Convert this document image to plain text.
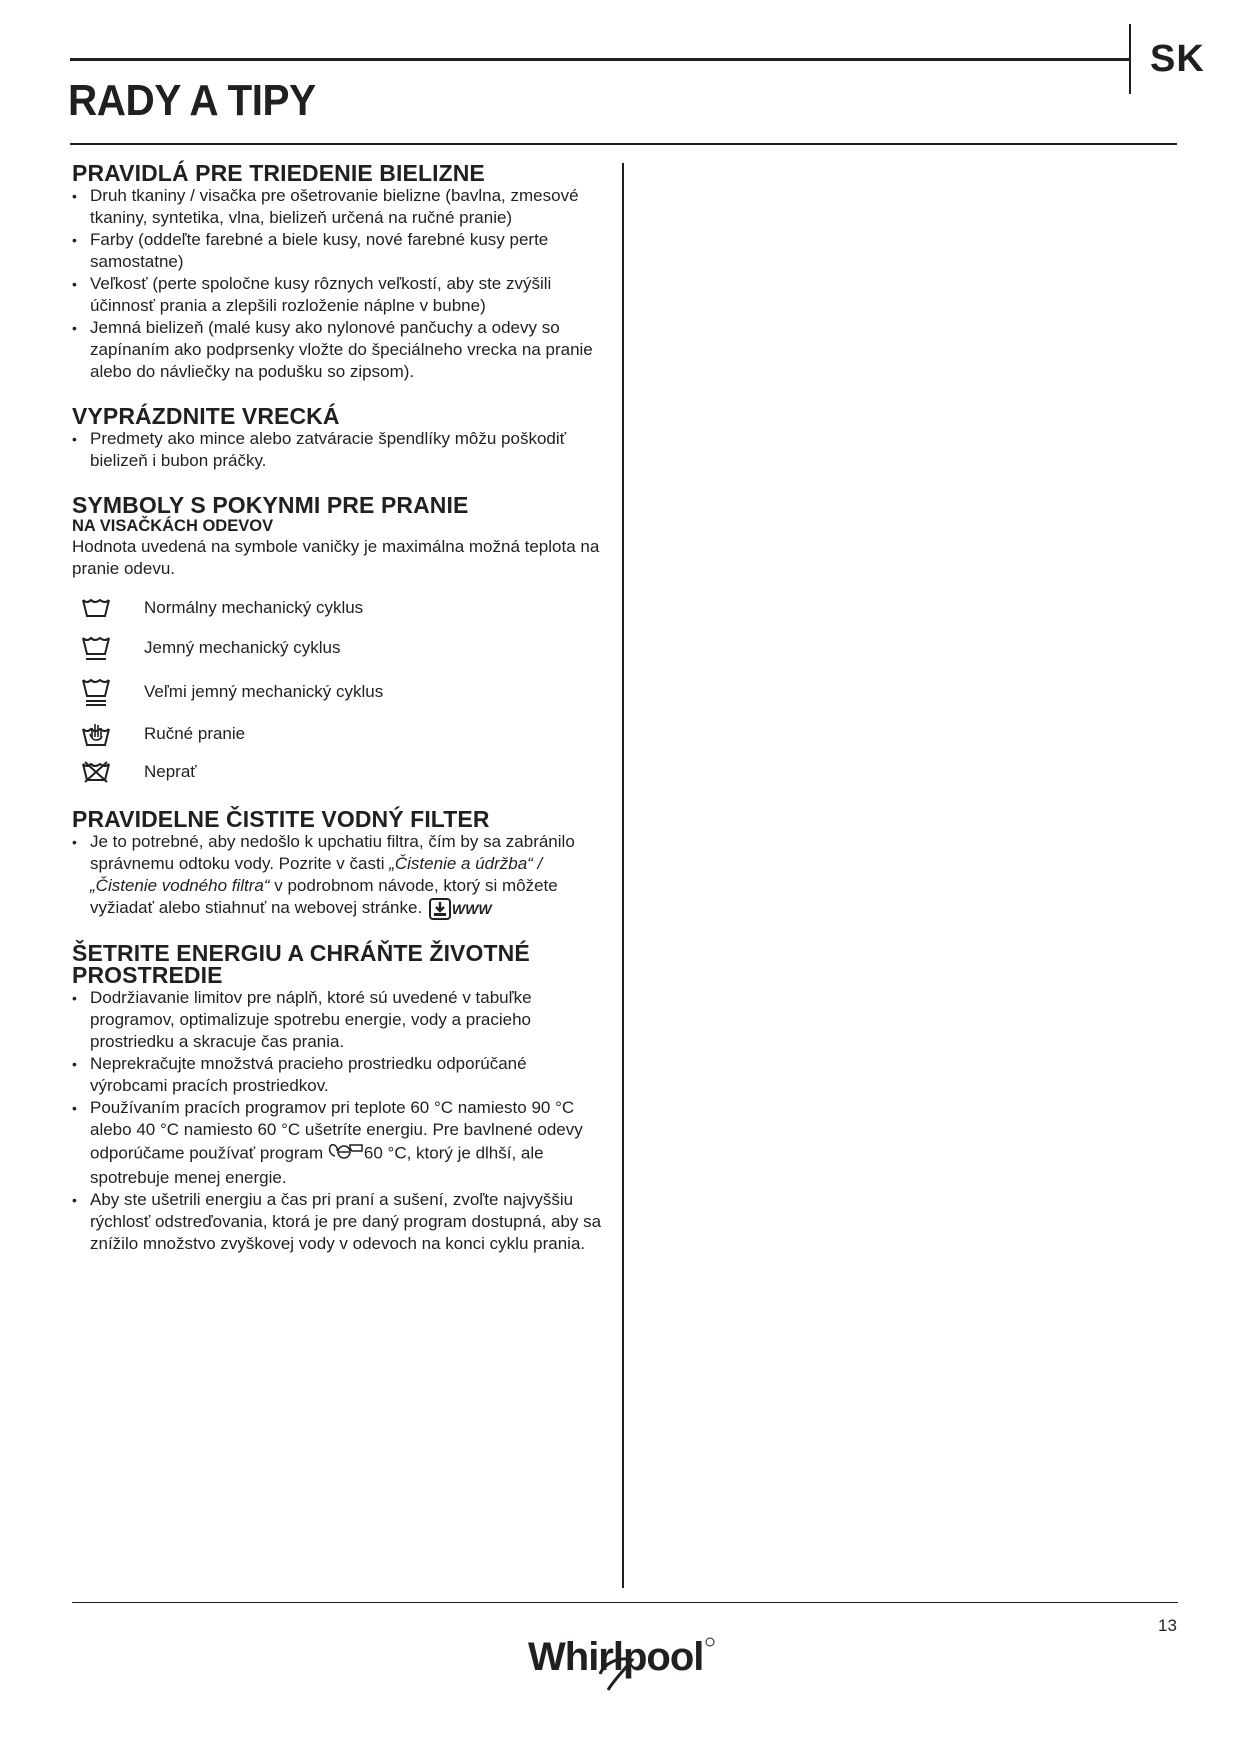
SK
RADY A TIPY
PRAVIDLÁ PRE TRIEDENIE BIELIZNE
• Druh tkaniny / visačka pre ošetrovanie bielizne (bavlna, zmesové tkaniny, syntetika, vlna, bielizeň určená na ručné pranie)
• Farby (oddeľte farebné a biele kusy, nové farebné kusy perte samostatne)
• Veľkosť (perte spoločne kusy rôznych veľkostí, aby ste zvýšili účinnosť prania a zlepšili rozloženie náplne v bubne)
• Jemná bielizeň (malé kusy ako nylonové pančuchy a odevy so zapínaním ako podprsenky vložte do špeciálneho vrecka na pranie alebo do návliečky na podušku so zipsom).
VYPRÁZDNITE VRECKÁ
• Predmety ako mince alebo zatváracie špendlíky môžu poškodiť bielizeň i bubon práčky.
SYMBOLY S POKYNMI PRE PRANIE
NA VISAČKÁCH ODEVOV

Hodnota uvedená na symbole vaničky je maximálna možná teplota na pranie odevu.

Normálny mechanický cyklus
Jemný mechanický cyklus
Veľmi jemný mechanický cyklus
Ručné pranie
Neprať
PRAVIDELNE ČISTITE VODNÝ FILTER
• Je to potrebné, aby nedošlo k upchatiu filtra, čím by sa zabránilo správnemu odtoku vody. Pozrite v časti „Čistenie a údržba“ / „Čistenie vodného filtra“ v podrobnom návode, ktorý si môžete vyžiadať alebo stiahnuť na webovej stránke. WWW
ŠETRITE ENERGIU A CHRÁŇTE ŽIVOTNÉ PROSTREDIE
• Dodržiavanie limitov pre náplň, ktoré sú uvedené v tabuľke programov, optimalizuje spotrebu energie, vody a pracieho prostriedku a skracuje čas prania.
• Neprekračujte množstvá pracieho prostriedku odporúčané výrobcami pracích prostriedkov.
• Používaním pracích programov pri teplote 60 °C namiesto 90 °C alebo 40 °C namiesto 60 °C ušetríte energiu. Pre bavlnené odevy odporúčame používať program 60 °C, ktorý je dlhší, ale spotrebuje menej energie.
• Aby ste ušetrili energiu a čas pri praní a sušení, zvoľte najvyššiu rýchlosť odstreďovania, ktorá je pre daný program dostupná, aby sa znížilo množstvo zvyškovej vody v odevoch na konci cyklu prania.
13
Whirlpool
